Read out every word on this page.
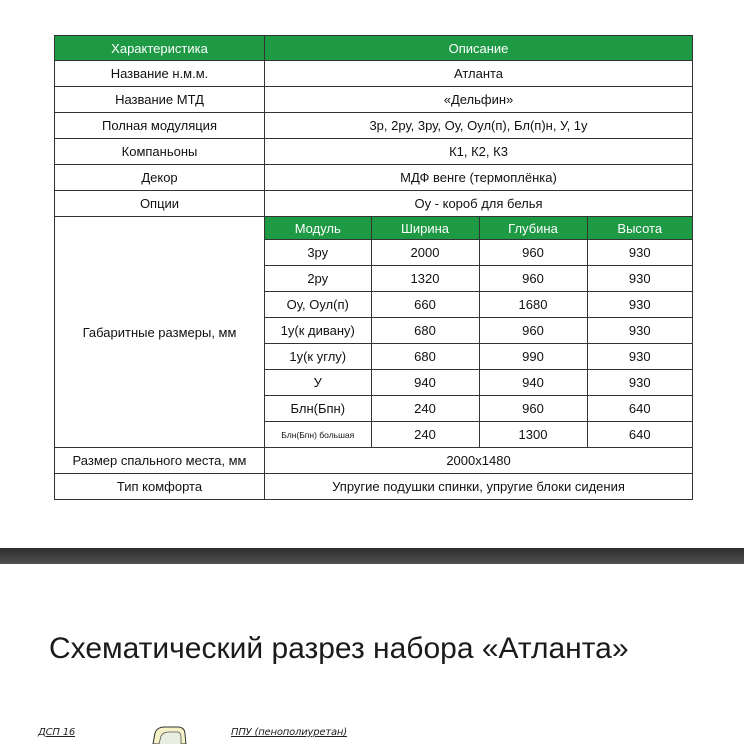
Характеристика	Описание
Название н.м.м.	Атланта
Название МТД	«Дельфин»
Полная модуляция	3р, 2ру, 3ру, Оу, Оул(п), Бл(п)н, У, 1у
Компаньоны	К1, К2, К3
Декор	МДФ венге (термоплёнка)
Опции	Оу - короб для белья
Габаритные размеры, мм	
Модуль	Ширина	Глубина	Высота
3ру	2000	960	930
2ру	1320	960	930
Оу, Оул(п)	660	1680	930
1у(к дивану)	680	960	930
1у(к углу)	680	990	930
У	940	940	930
Блн(Бпн)	240	960	640
Блн(Бпн) большая	240	1300	640

Размер спального места, мм	2000x1480
Тип комфорта	Упругие подушки спинки, упругие блоки сидения
Схематический разрез набора «Атланта»
ДСП 16	ППУ (пенополиуретан)
